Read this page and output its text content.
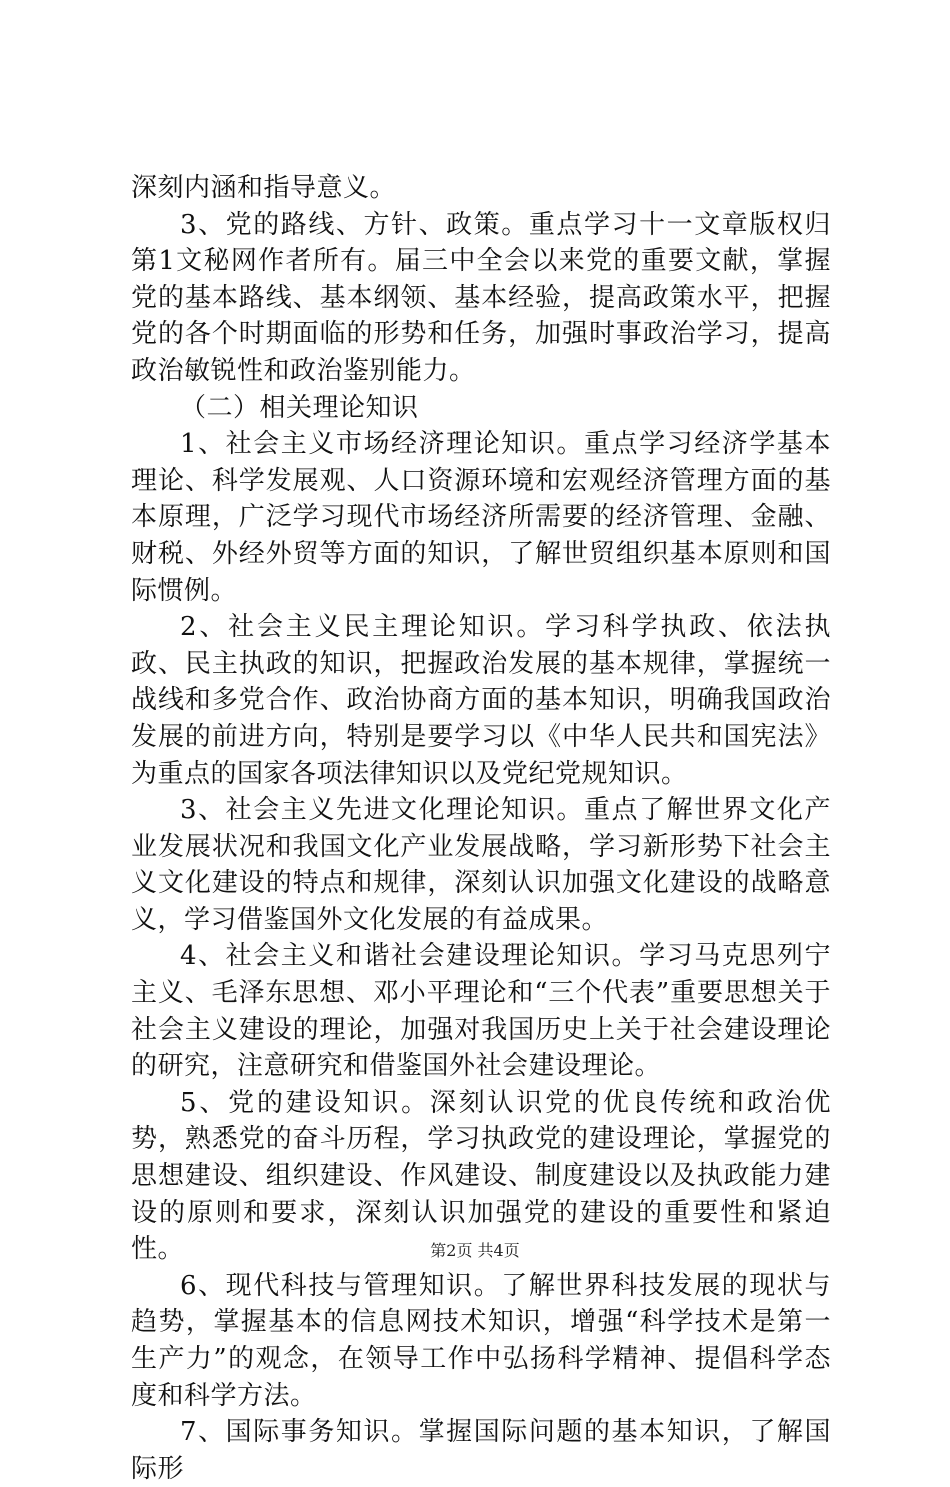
深刻内涵和指导意义。

3、党的路线、方针、政策。重点学习十一文章版权归第1文秘网作者所有。届三中全会以来党的重要文献，掌握党的基本路线、基本纲领、基本经验，提高政策水平，把握党的各个时期面临的形势和任务，加强时事政治学习，提高政治敏锐性和政治鉴别能力。

（二）相关理论知识

1、社会主义市场经济理论知识。重点学习经济学基本理论、科学发展观、人口资源环境和宏观经济管理方面的基本原理，广泛学习现代市场经济所需要的经济管理、金融、财税、外经外贸等方面的知识，了解世贸组织基本原则和国际惯例。

2、社会主义民主理论知识。学习科学执政、依法执政、民主执政的知识，把握政治发展的基本规律，掌握统一战线和多党合作、政治协商方面的基本知识，明确我国政治发展的前进方向，特别是要学习以《中华人民共和国宪法》为重点的国家各项法律知识以及党纪党规知识。

3、社会主义先进文化理论知识。重点了解世界文化产业发展状况和我国文化产业发展战略，学习新形势下社会主义文化建设的特点和规律，深刻认识加强文化建设的战略意义，学习借鉴国外文化发展的有益成果。

4、社会主义和谐社会建设理论知识。学习马克思列宁主义、毛泽东思想、邓小平理论和“三个代表”重要思想关于社会主义建设的理论，加强对我国历史上关于社会建设理论的研究，注意研究和借鉴国外社会建设理论。

5、党的建设知识。深刻认识党的优良传统和政治优势，熟悉党的奋斗历程，学习执政党的建设理论，掌握党的思想建设、组织建设、作风建设、制度建设以及执政能力建设的原则和要求，深刻认识加强党的建设的重要性和紧迫性。

6、现代科技与管理知识。了解世界科技发展的现状与趋势，掌握基本的信息网技术知识，增强“科学技术是第一生产力”的观念，在领导工作中弘扬科学精神、提倡科学态度和科学方法。

7、国际事务知识。掌握国际问题的基本知识，了解国际形

第2页 共4页
